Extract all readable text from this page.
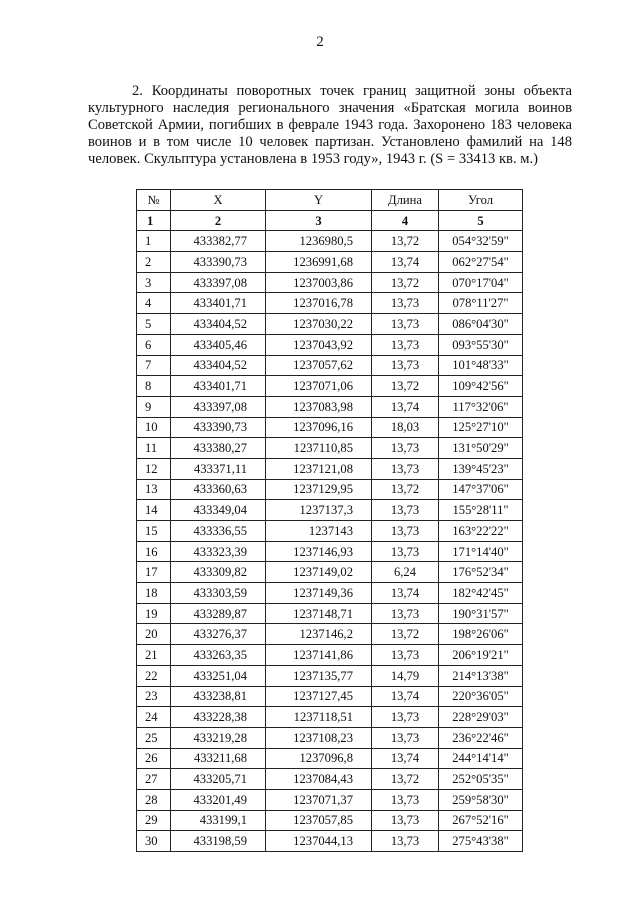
2

2. Координаты поворотных точек границ защитной зоны объекта культурного наследия регионального значения «Братская могила воинов Советской Армии, погибших в феврале 1943 года. Захоронено 183 человека воинов и в том числе 10 человек партизан. Установлено фамилий на 148 человек. Скульптура установлена в 1953 году», 1943 г. (S = 33413 кв. м.)

№	X	Y	Длина	Угол
1	2	3	4	5
1	433382,77	1236980,5	13,72	054°32'59"
2	433390,73	1236991,68	13,74	062°27'54"
3	433397,08	1237003,86	13,72	070°17'04"
4	433401,71	1237016,78	13,73	078°11'27"
5	433404,52	1237030,22	13,73	086°04'30"
6	433405,46	1237043,92	13,73	093°55'30"
7	433404,52	1237057,62	13,73	101°48'33"
8	433401,71	1237071,06	13,72	109°42'56"
9	433397,08	1237083,98	13,74	117°32'06"
10	433390,73	1237096,16	18,03	125°27'10"
11	433380,27	1237110,85	13,73	131°50'29"
12	433371,11	1237121,08	13,73	139°45'23"
13	433360,63	1237129,95	13,72	147°37'06"
14	433349,04	1237137,3	13,73	155°28'11"
15	433336,55	1237143	13,73	163°22'22"
16	433323,39	1237146,93	13,73	171°14'40"
17	433309,82	1237149,02	6,24	176°52'34"
18	433303,59	1237149,36	13,74	182°42'45"
19	433289,87	1237148,71	13,73	190°31'57"
20	433276,37	1237146,2	13,72	198°26'06"
21	433263,35	1237141,86	13,73	206°19'21"
22	433251,04	1237135,77	14,79	214°13'38"
23	433238,81	1237127,45	13,74	220°36'05"
24	433228,38	1237118,51	13,73	228°29'03"
25	433219,28	1237108,23	13,73	236°22'46"
26	433211,68	1237096,8	13,74	244°14'14"
27	433205,71	1237084,43	13,72	252°05'35"
28	433201,49	1237071,37	13,73	259°58'30"
29	433199,1	1237057,85	13,73	267°52'16"
30	433198,59	1237044,13	13,73	275°43'38"
